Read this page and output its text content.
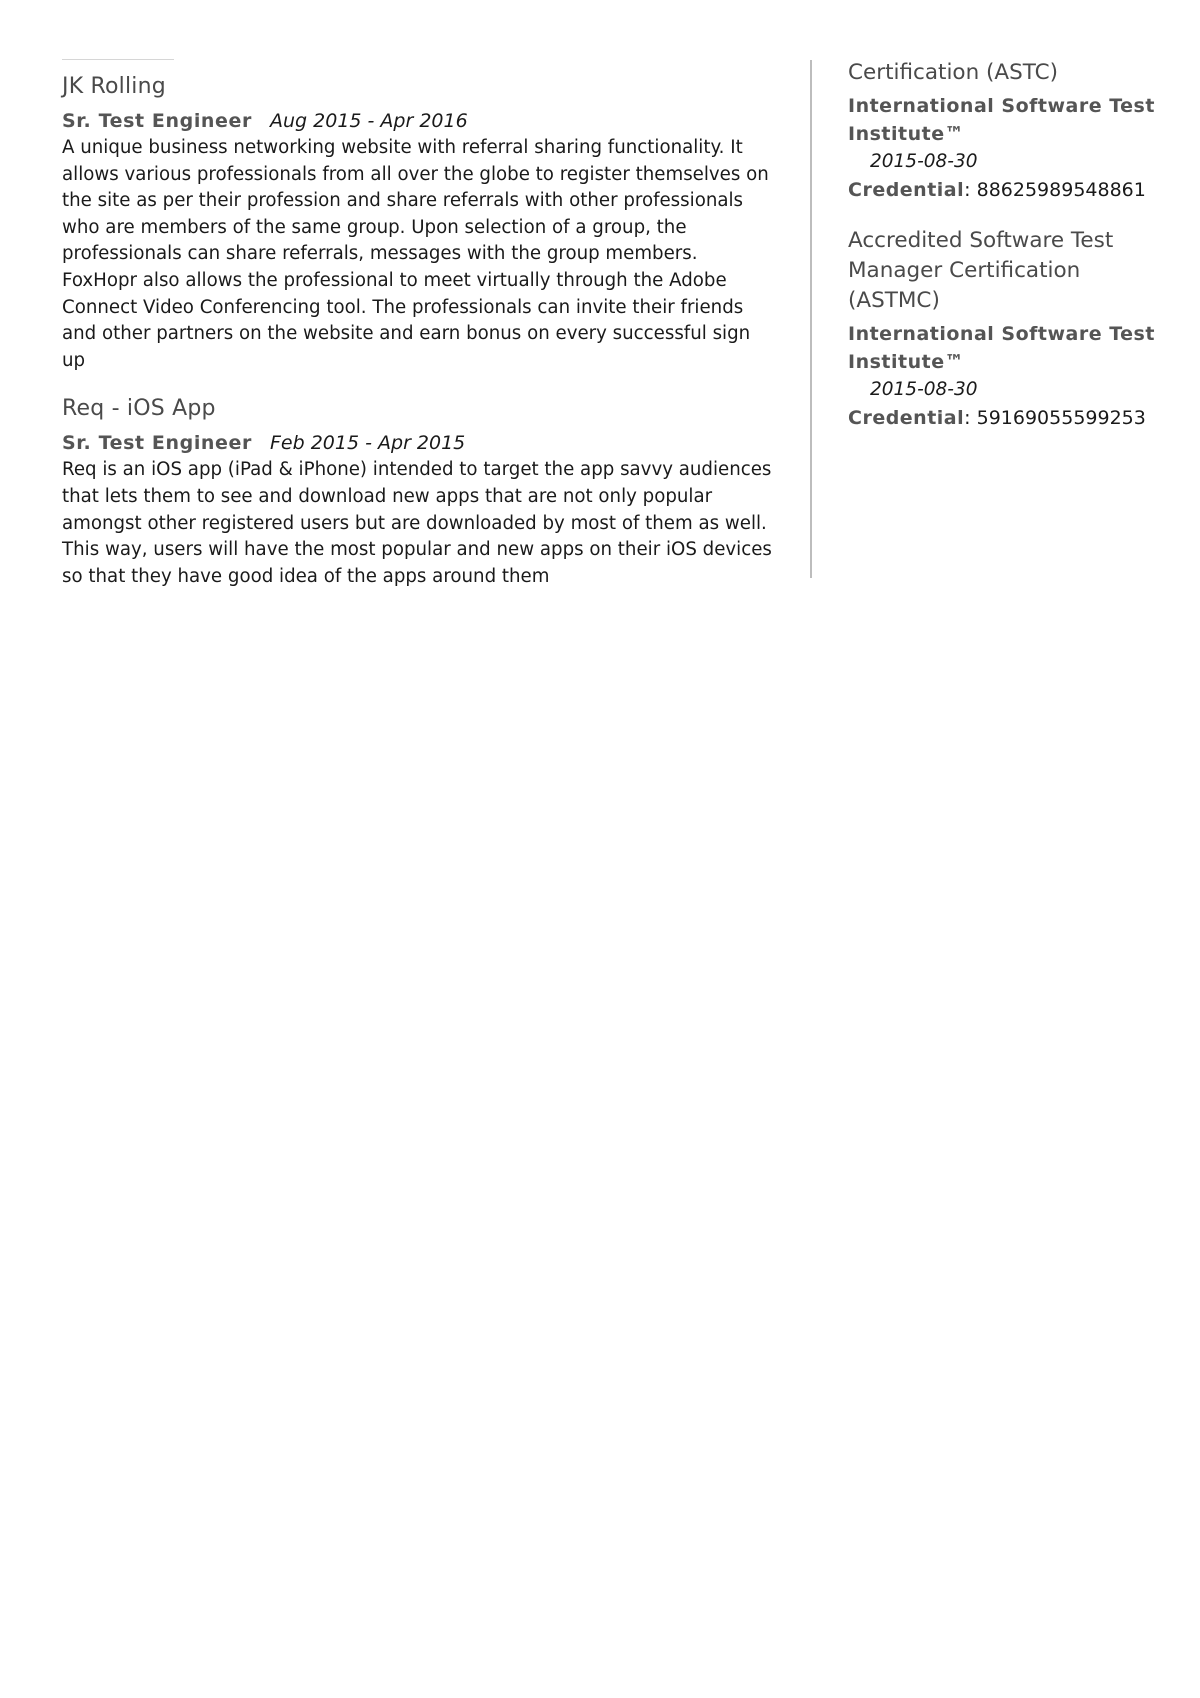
JK Rolling
Sr. Test Engineer Aug 2015 - Apr 2016

A unique business networking website with referral sharing functionality. It allows various professionals from all over the globe to register themselves on the site as per their profession and share referrals with other professionals who are members of the same group. Upon selection of a group, the professionals can share referrals, messages with the group members. FoxHopr also allows the professional to meet virtually through the Adobe Connect Video Conferencing tool. The professionals can invite their friends and other partners on the website and earn bonus on every successful sign up

Req - iOS App
Sr. Test Engineer Feb 2015 - Apr 2015

Req is an iOS app (iPad & iPhone) intended to target the app savvy audiences that lets them to see and download new apps that are not only popular amongst other registered users but are downloaded by most of them as well. This way, users will have the most popular and new apps on their iOS devices so that they have good idea of the apps around them

Certification (ASTC)
International Software Test Institute™
2015-08-30
Credential: 88625989548861
Accredited Software Test Manager Certification (ASTMC)
International Software Test Institute™
2015-08-30
Credential: 59169055599253
